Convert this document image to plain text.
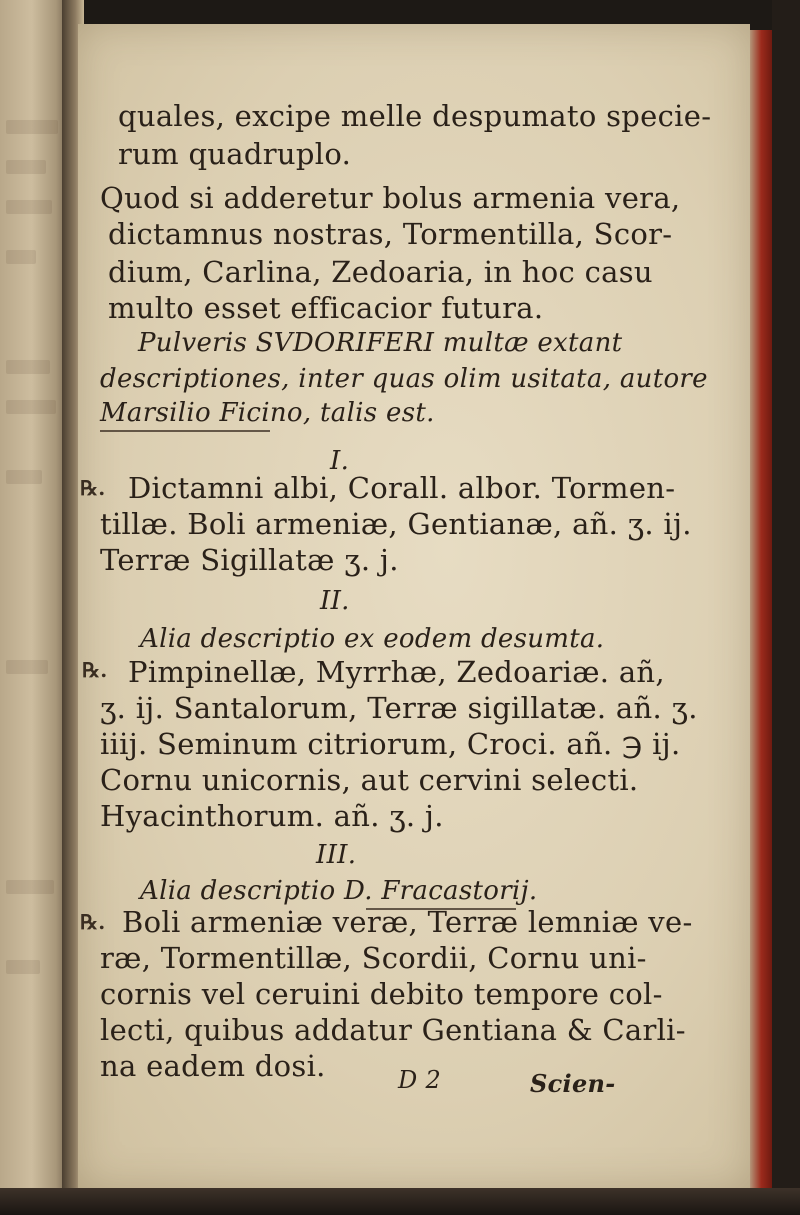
quales, excipe melle despumato specie-
rum quadruplo.
Quod si adderetur bolus armenia vera,
dictamnus nostras, Tormentilla, Scor-
dium, Carlina, Zedoaria, in hoc casu
multo esset efficacior futura.
Pulveris SVDORIFERI multæ extant
descriptiones, inter quas olim usitata, autore
Marsilio Ficino, talis est.
I.
℞. Dictamni albi, Corall. albor. Tormen-
tillæ. Boli armeniæ, Gentianæ, añ. ʒ. ij.
Terræ Sigillatæ ʒ. j.
II.
Alia descriptio ex eodem desumta.
℞. Pimpinellæ, Myrrhæ, Zedoariæ. añ,
ʒ. ij. Santalorum, Terræ sigillatæ. añ. ʒ.
iiij. Seminum citriorum, Croci. añ. ℈ ij.
Cornu unicornis, aut cervini selecti.
Hyacinthorum. añ. ʒ. j.
III.
Alia descriptio D. Fracastorij.
℞. Boli armeniæ veræ, Terræ lemniæ ve-
ræ, Tormentillæ, Scordii, Cornu uni-
cornis vel ceruini debito tempore col-
lecti, quibus addatur Gentiana & Carli-
na eadem dosi.	D 2	Scien-
